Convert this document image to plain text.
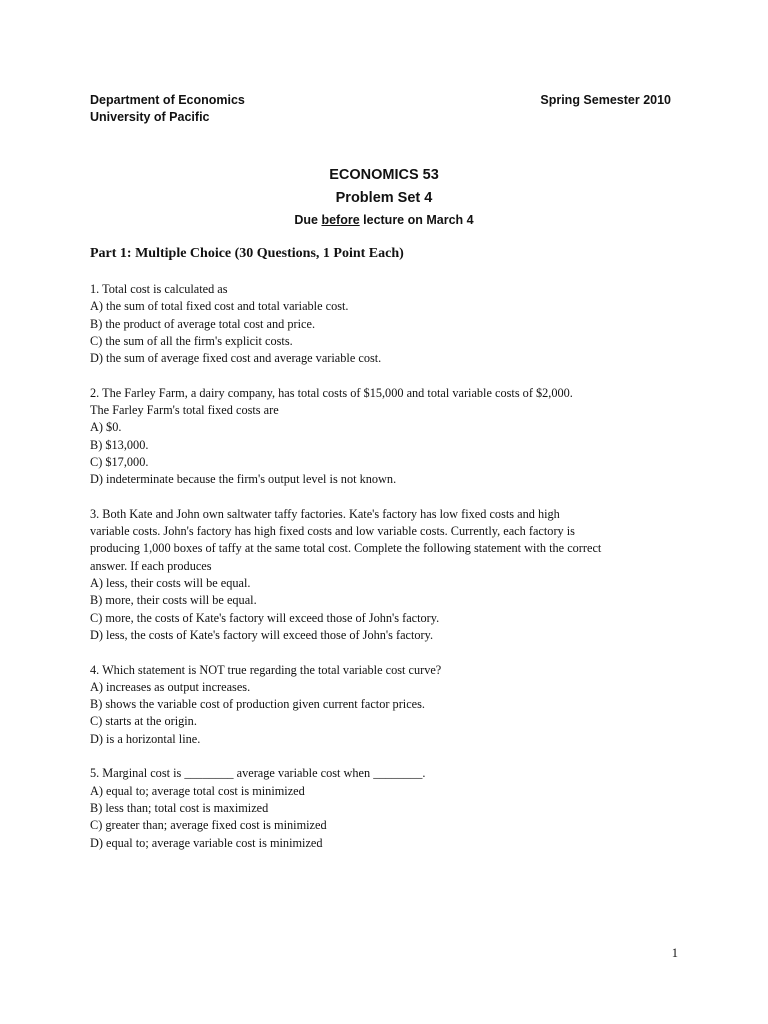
Department of Economics
University of Pacific
Spring Semester 2010
ECONOMICS 53
Problem Set 4
Due before lecture on March 4
Part 1: Multiple Choice (30 Questions, 1 Point Each)
1. Total cost is calculated as
A) the sum of total fixed cost and total variable cost.
B) the product of average total cost and price.
C) the sum of all the firm's explicit costs.
D) the sum of average fixed cost and average variable cost.
2. The Farley Farm, a dairy company, has total costs of $15,000 and total variable costs of $2,000.
The Farley Farm's total fixed costs are
A) $0.
B) $13,000.
C) $17,000.
D) indeterminate because the firm's output level is not known.
3. Both Kate and John own saltwater taffy factories. Kate's factory has low fixed costs and high
variable costs. John's factory has high fixed costs and low variable costs. Currently, each factory is
producing 1,000 boxes of taffy at the same total cost. Complete the following statement with the correct
answer. If each produces
A) less, their costs will be equal.
B) more, their costs will be equal.
C) more, the costs of Kate's factory will exceed those of John's factory.
D) less, the costs of Kate's factory will exceed those of John's factory.
4. Which statement is NOT true regarding the total variable cost curve?
A) increases as output increases.
B) shows the variable cost of production given current factor prices.
C) starts at the origin.
D) is a horizontal line.
5. Marginal cost is ________ average variable cost when ________.
A) equal to; average total cost is minimized
B) less than; total cost is maximized
C) greater than; average fixed cost is minimized
D) equal to; average variable cost is minimized
1
